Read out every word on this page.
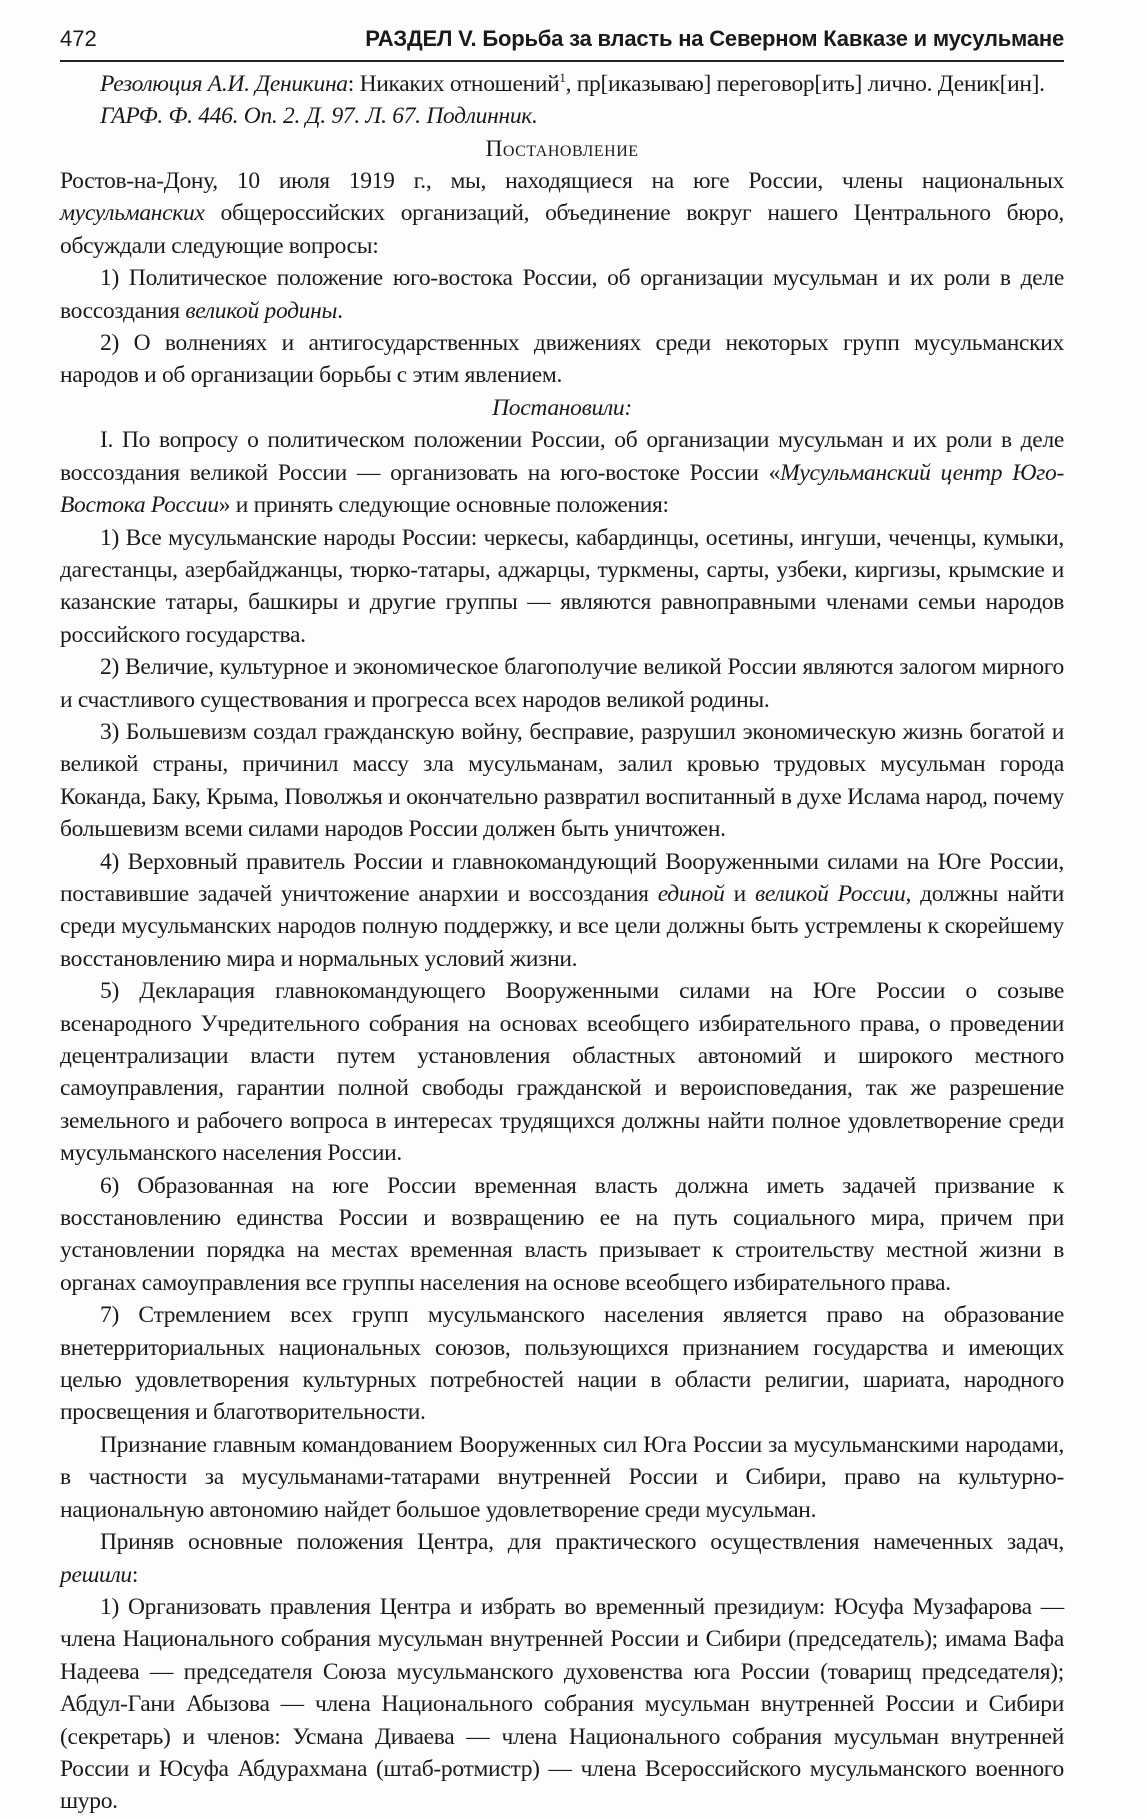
472	РАЗДЕЛ V. Борьба за власть на Северном Кавказе и мусульмане

Резолюция А.И. Деникина: Никаких отношений$^1$, пр[иказываю] переговор[ить] лично. Деник[ин].

ГАРФ. Ф. 446. Оп. 2. Д. 97. Л. 67. Подлинник.

Постановление

Ростов-на-Дону, 10 июля 1919 г., мы, находящиеся на юге России, члены национальных мусульманских общероссийских организаций, объединение вокруг нашего Центрального бюро, обсуждали следующие вопросы:

1) Политическое положение юго-востока России, об организации мусульман и их роли в деле воссоздания великой родины.

2) О волнениях и антигосударственных движениях среди некоторых групп мусульманских народов и об организации борьбы с этим явлением.

Постановили:

I. По вопросу о политическом положении России, об организации мусульман и их роли в деле воссоздания великой России — организовать на юго-востоке России «Мусульманский центр Юго-Востока России» и принять следующие основные положения:

1) Все мусульманские народы России: черкесы, кабардинцы, осетины, ингуши, чеченцы, кумыки, дагестанцы, азербайджанцы, тюрко-татары, аджарцы, туркмены, сарты, узбеки, киргизы, крымские и казанские татары, башкиры и другие группы — являются равноправными членами семьи народов российского государства.

2) Величие, культурное и экономическое благополучие великой России являются залогом мирного и счастливого существования и прогресса всех народов великой родины.

3) Большевизм создал гражданскую войну, бесправие, разрушил экономическую жизнь богатой и великой страны, причинил массу зла мусульманам, залил кровью трудовых мусульман города Коканда, Баку, Крыма, Поволжья и окончательно развратил воспитанный в духе Ислама народ, почему большевизм всеми силами народов России должен быть уничтожен.

4) Верховный правитель России и главнокомандующий Вооруженными силами на Юге России, поставившие задачей уничтожение анархии и воссоздания единой и великой России, должны найти среди мусульманских народов полную поддержку, и все цели должны быть устремлены к скорейшему восстановлению мира и нормальных условий жизни.

5) Декларация главнокомандующего Вооруженными силами на Юге России о созыве всенародного Учредительного собрания на основах всеобщего избирательного права, о проведении децентрализации власти путем установления областных автономий и широкого местного самоуправления, гарантии полной свободы гражданской и вероисповедания, так же разрешение земельного и рабочего вопроса в интересах трудящихся должны найти полное удовлетворение среди мусульманского населения России.

6) Образованная на юге России временная власть должна иметь задачей призвание к восстановлению единства России и возвращению ее на путь социального мира, причем при установлении порядка на местах временная власть призывает к строительству местной жизни в органах самоуправления все группы населения на основе всеобщего избирательного права.

7) Стремлением всех групп мусульманского населения является право на образование внетерриториальных национальных союзов, пользующихся признанием государства и имеющих целью удовлетворения культурных потребностей нации в области религии, шариата, народного просвещения и благотворительности.

Признание главным командованием Вооруженных сил Юга России за мусульманскими народами, в частности за мусульманами-татарами внутренней России и Сибири, право на культурно-национальную автономию найдет большое удовлетворение среди мусульман.

Приняв основные положения Центра, для практического осуществления намеченных задач, решили:

1) Организовать правления Центра и избрать во временный президиум: Юсуфа Музафарова — члена Национального собрания мусульман внутренней России и Сибири (председатель); имама Вафа Надеева — председателя Союза мусульманского духовенства юга России (товарищ председателя); Абдул-Гани Абызова — члена Национального собрания мусульман внутренней России и Сибири (секретарь) и членов: Усмана Диваева — члена Национального собрания мусульман внутренней России и Юсуфа Абдурахмана (штаб-ротмистр) — члена Всероссийского мусульманского военного шуро.
